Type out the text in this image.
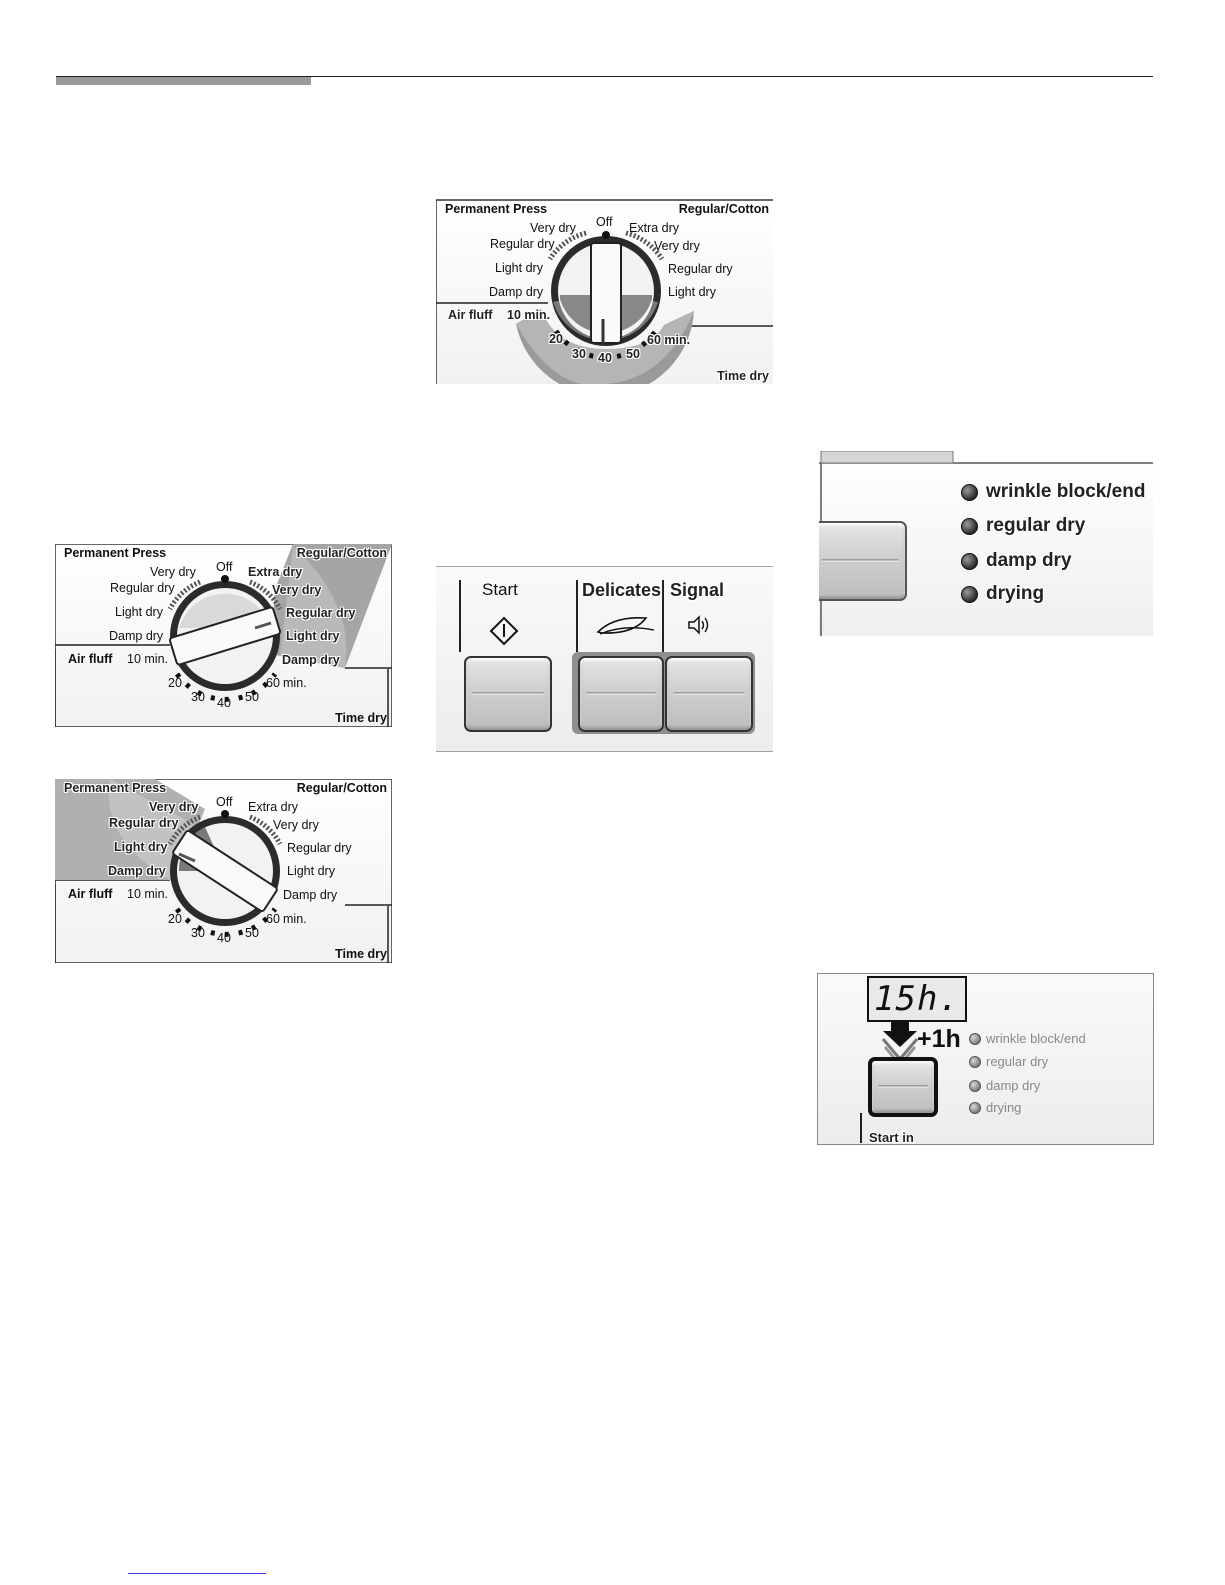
Permanent Press	Regular/Cotton
Off
Very dry
Regular dry
Light dry
Damp dry
Extra dry
Very dry
Regular dry
Light dry
Air fluff 10 min.
20
30 40 50
60 min.
Time dry
Permanent Press	Regular/Cotton
Off
Very dry
Regular dry
Light dry
Damp dry
Extra dry
Very dry
Regular dry
Light dry
Damp dry
Air fluff 10 min.
20
30 40 50
60 min.
Time dry
Permanent Press	Regular/Cotton
Off
Very dry
Regular dry
Light dry
Damp dry
Extra dry
Very dry
Regular dry
Light dry
Damp dry
Air fluff 10 min.
20
30 40 50
60 min.
Time dry
Start	Delicates Signal
wrinkle block/end
regular dry
damp dry
drying
15h.
+1h
Start in
wrinkle block/end
regular dry
damp dry
drying
